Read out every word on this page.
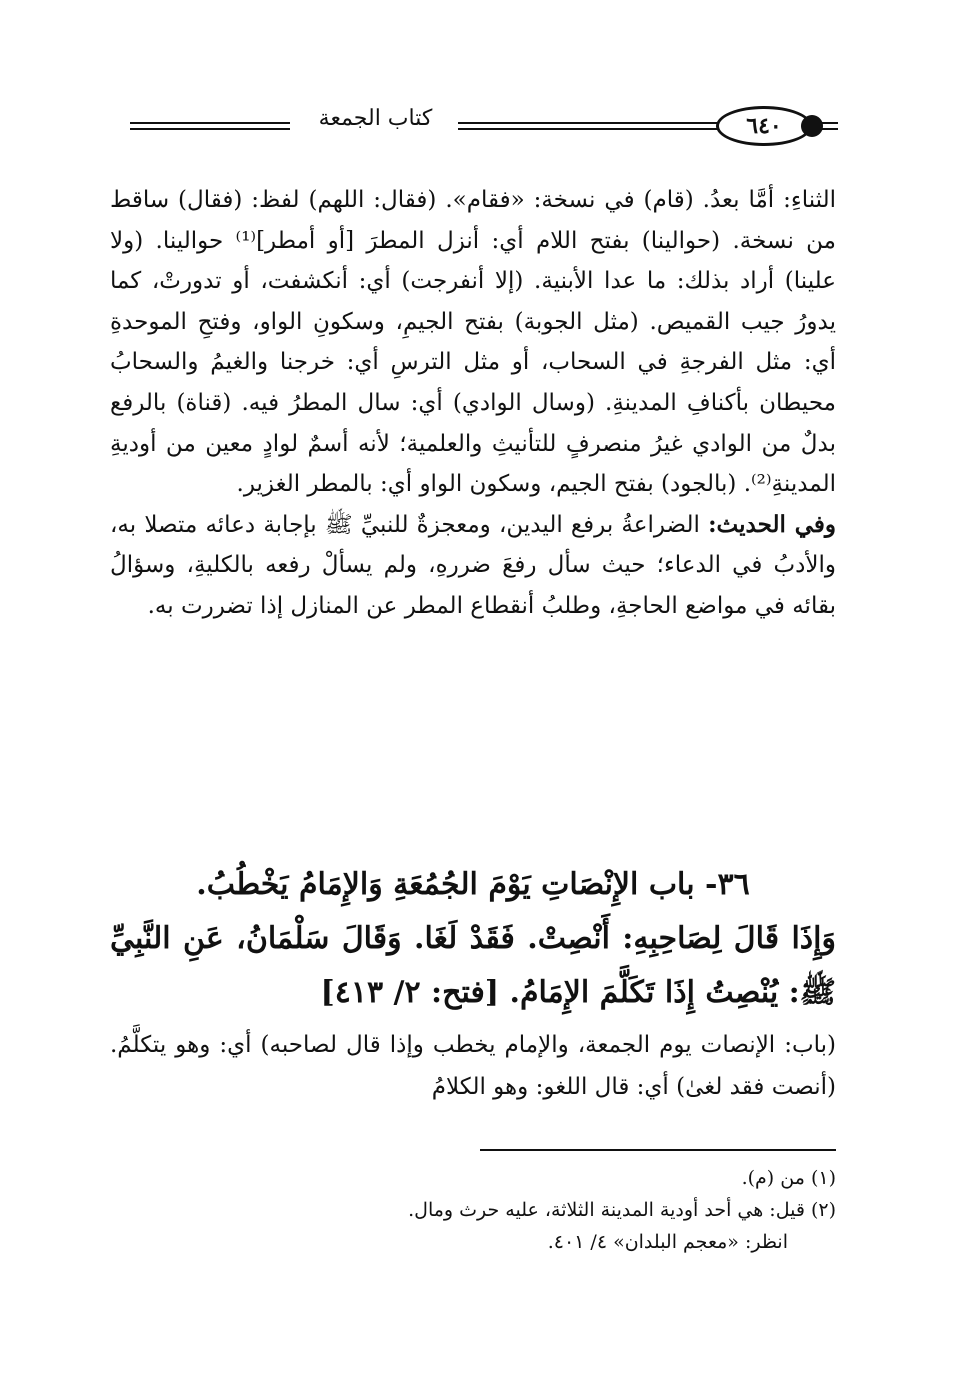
كتاب الجمعة	٦٤٠

الثناءِ: أمَّا بعدُ. (قام) في نسخة: «فقام». (فقال: اللهم) لفظ: (فقال) ساقط من نسخة. (حوالينا) بفتح اللام أي: أنزل المطرَ [أو أمطر]⁽¹⁾ حوالينا. (ولا علينا) أراد بذلك: ما عدا الأبنية. (إلا أنفرجت) أي: أنكشفت، أو تدورتْ، كما يدورُ جيب القميص. (مثل الجوبة) بفتح الجيمِ، وسكونِ الواو، وفتحِ الموحدةِ أي: مثل الفرجةِ في السحاب، أو مثل الترسِ أي: خرجنا والغيمُ والسحابُ محيطان بأكنافِ المدينةِ. (وسال الوادي) أي: سال المطرُ فيه. (قناة) بالرفع بدلٌ من الوادي غيرُ منصرفٍ للتأنيثِ والعلمية؛ لأنه أسمٌ لوادٍ معين من أوديةِ المدينةِ⁽²⁾. (بالجود) بفتح الجيم، وسكون الواو أي: بالمطر الغزير.

وفي الحديث: الضراعةُ برفع اليدين، ومعجزةٌ للنبيِّ ﷺ بإجابة دعائه متصلا به، والأدبُ في الدعاء؛ حيث سأل رفعَ ضررهِ، ولم يسألْ رفعه بالكليةِ، وسؤالُ بقائه في مواضع الحاجةِ، وطلبُ أنقطاع المطر عن المنازل إذا تضررت به.

٣٦- باب الإِنْصَاتِ يَوْمَ الجُمُعَةِ وَالإِمَامُ يَخْطُبُ.
وَإِذَا قَالَ لِصَاحِبِهِ: أَنْصِتْ. فَقَدْ لَغَا. وَقَالَ سَلْمَانُ، عَنِ النَّبِيِّ ﷺ: يُنْصِتُ إِذَا تَكَلَّمَ الإِمَامُ. [فتح: ٢/ ٤١٣]
(باب: الإنصات يوم الجمعة، والإمام يخطب وإذا قال لصاحبه) أي: وهو يتكلَّمُ. (أنصت فقد لغىٰ) أي: قال اللغو: وهو الكلامُ
(١) من (م).
(٢) قيل: هي أحد أودية المدينة الثلاثة، عليه حرث ومال.
انظر: «معجم البلدان» ٤/ ٤٠١.
